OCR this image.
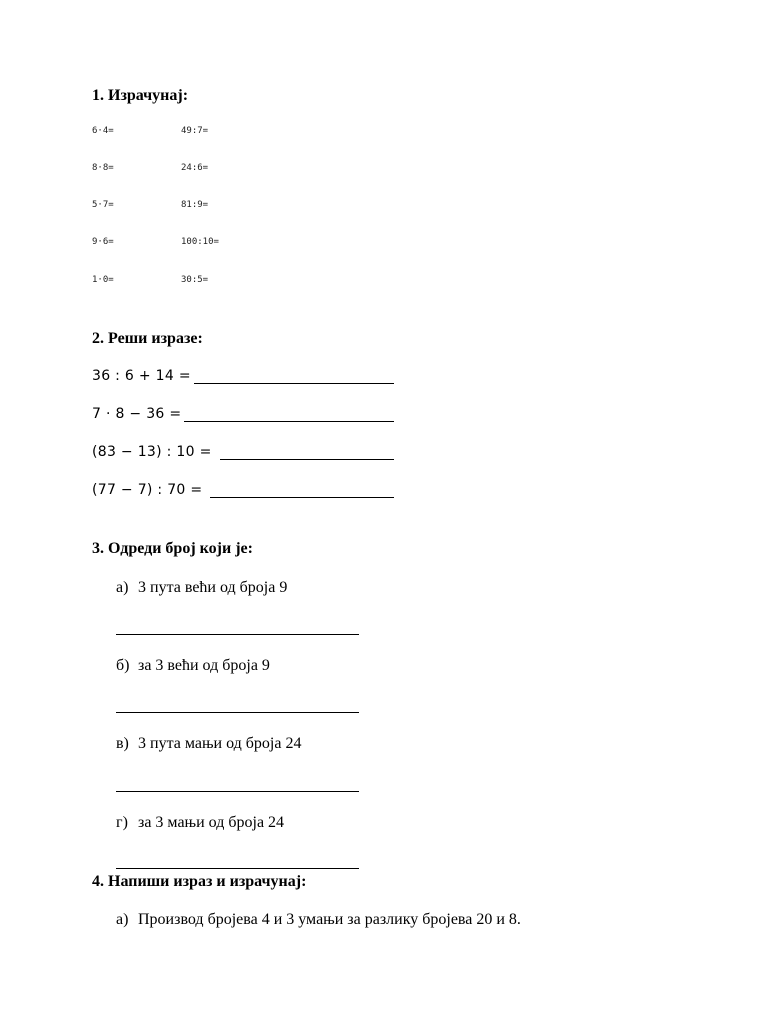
1. Израчунај:
6·4=	49:7=
8·8=	24:6=
5·7=	81:9=
9·6=	100:10=
1·0=	30:5=
2. Реши изразе:
36 : 6 + 14 =
7 · 8 − 36 =
(83 − 13) : 10 =
(77 − 7) : 70 =
3. Одреди број који је:
а) 3 пута већи од броја 9
б) за 3 већи од броја 9
в) 3 пута мањи од броја 24
г) за 3 мањи од броја 24
4. Напиши израз и израчунај:
а) Производ бројева 4 и 3 умањи за разлику бројева 20 и 8.
